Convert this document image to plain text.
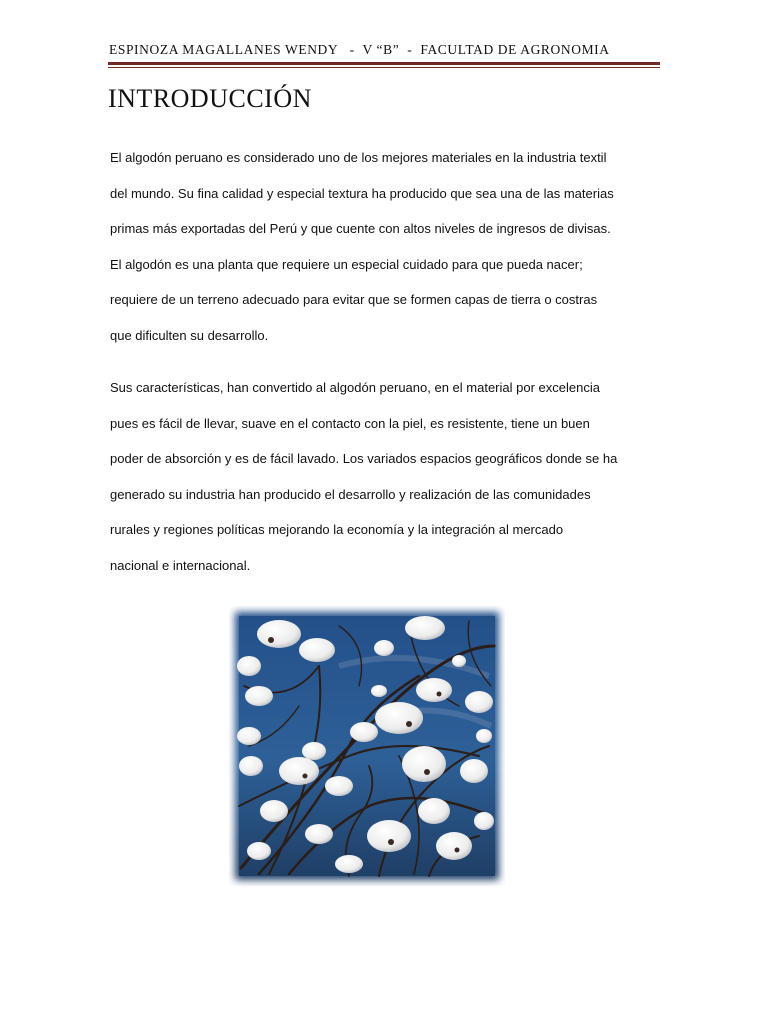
ESPINOZA MAGALLANES WENDY   -  V “B”  -  FACULTAD DE AGRONOMIA
INTRODUCCIÓN
El algodón peruano es considerado uno de los mejores materiales en la industria textil
del mundo. Su fina calidad y especial textura ha producido que sea una de las materias
primas más exportadas del Perú y que cuente con altos niveles de ingresos de divisas.
El algodón es una planta que requiere un especial cuidado para que pueda nacer;
requiere de un terreno adecuado para evitar que se formen capas de tierra o costras
que dificulten su desarrollo.
Sus características, han convertido al algodón peruano, en el material por excelencia
pues es fácil de llevar, suave en el contacto con la piel, es resistente, tiene un buen
poder de absorción y es de fácil lavado. Los variados espacios geográficos donde se ha
generado su industria han producido el desarrollo y realización de las comunidades
rurales y regiones políticas mejorando la economía y la integración al mercado
nacional e internacional.
